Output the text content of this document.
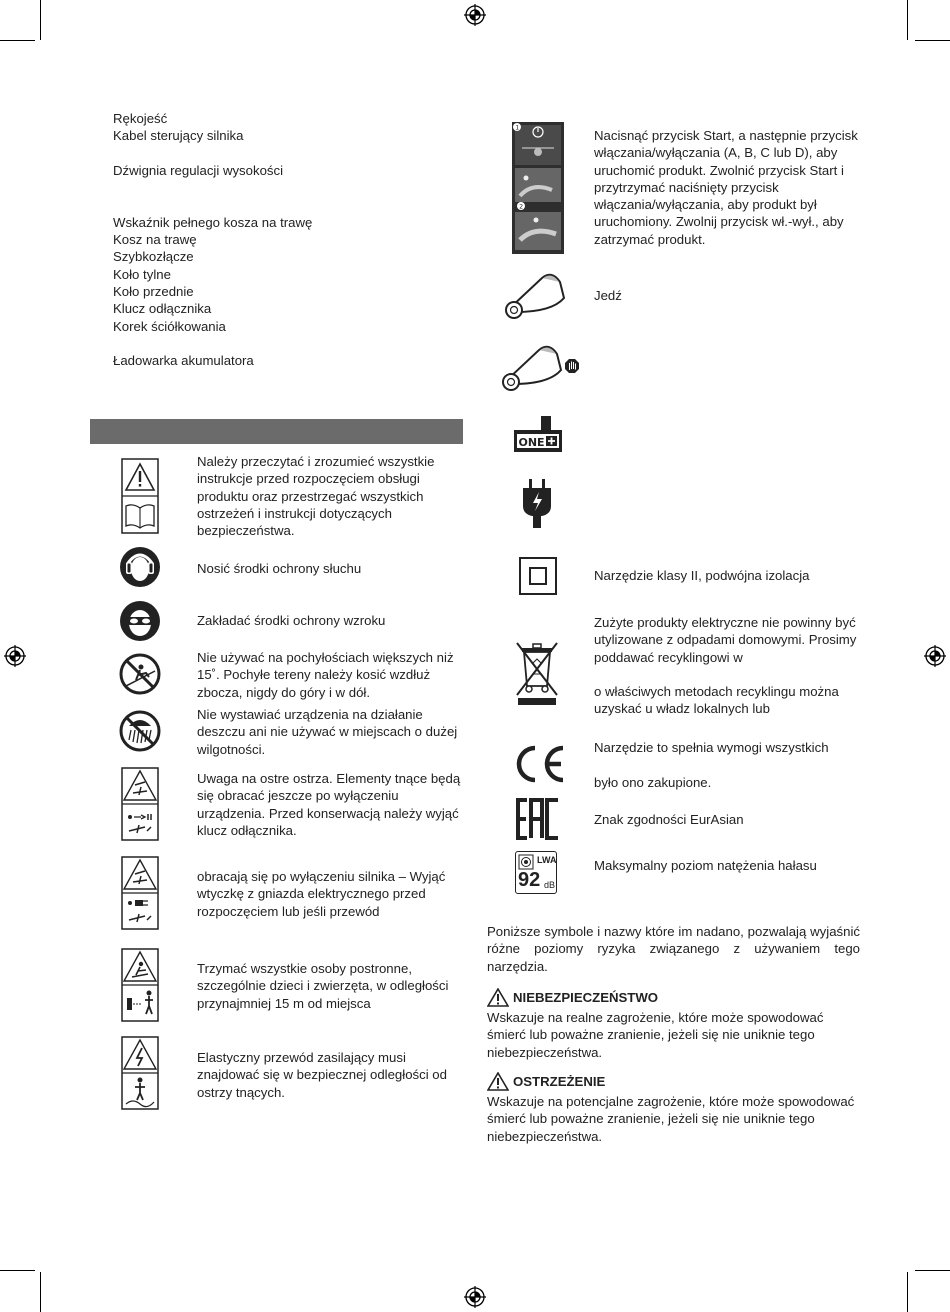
Rękojeść
Kabel sterujący silnika
Dźwignia regulacji wysokości
Wskaźnik pełnego kosza na trawę
Kosz na trawę
Szybkozłącze
Koło tylne
Koło przednie
Klucz odłącznika
Korek ściółkowania
Ładowarka akumulatora
Należy przeczytać i zrozumieć wszystkie instrukcje przed rozpoczęciem obsługi produktu oraz przestrzegać wszystkich ostrzeżeń i instrukcji dotyczących bezpieczeństwa.
Nosić środki ochrony słuchu
Zakładać środki ochrony wzroku
Nie używać na pochyłościach większych niż 15˚. Pochyłe tereny należy kosić wzdłuż zbocza, nigdy do góry i w dół.
Nie wystawiać urządzenia na działanie deszczu ani nie używać w miejscach o dużej wilgotności.
Uwaga na ostre ostrza. Elementy tnące będą się obracać jeszcze po wyłączeniu urządzenia. Przed konserwacją należy wyjąć klucz odłącznika.
obracają się po wyłączeniu silnika – Wyjąć wtyczkę z gniazda elektrycznego przed rozpoczęciem lub jeśli przewód
Trzymać wszystkie osoby postronne, szczególnie dzieci i zwierzęta, w odległości przynajmniej 15 m od miejsca
Elastyczny przewód zasilający musi znajdować się w bezpiecznej odległości od ostrzy tnących.
1
2
Nacisnąć przycisk Start, a następnie przycisk włączania/wyłączania (A, B, C lub D), aby uruchomić produkt. Zwolnić przycisk Start i przytrzymać naciśnięty przycisk włączania/wyłączania, aby produkt był uruchomiony. Zwolnij przycisk wł.-wył., aby zatrzymać produkt.
Jedź
ONE
Narzędzie klasy II, podwójna izolacja
Zużyte produkty elektryczne nie powinny być utylizowane z odpadami domowymi. Prosimy poddawać recyklingowi w
o właściwych metodach recyklingu można uzyskać u władz lokalnych lub
Narzędzie to spełnia wymogi wszystkich
było ono zakupione.
Znak zgodności EurAsian
LWA
92 dB
Maksymalny poziom natężenia hałasu
Poniższe symbole i nazwy które im nadano, pozwalają wyjaśnić różne poziomy ryzyka związanego z używaniem tego narzędzia.
NIEBEZPIECZEŃSTWO
Wskazuje na realne zagrożenie, które może spowodować śmierć lub poważne zranienie, jeżeli się nie uniknie tego niebezpieczeństwa.
OSTRZEŻENIE
Wskazuje na potencjalne zagrożenie, które może spowodować śmierć lub poważne zranienie, jeżeli się nie uniknie tego niebezpieczeństwa.
